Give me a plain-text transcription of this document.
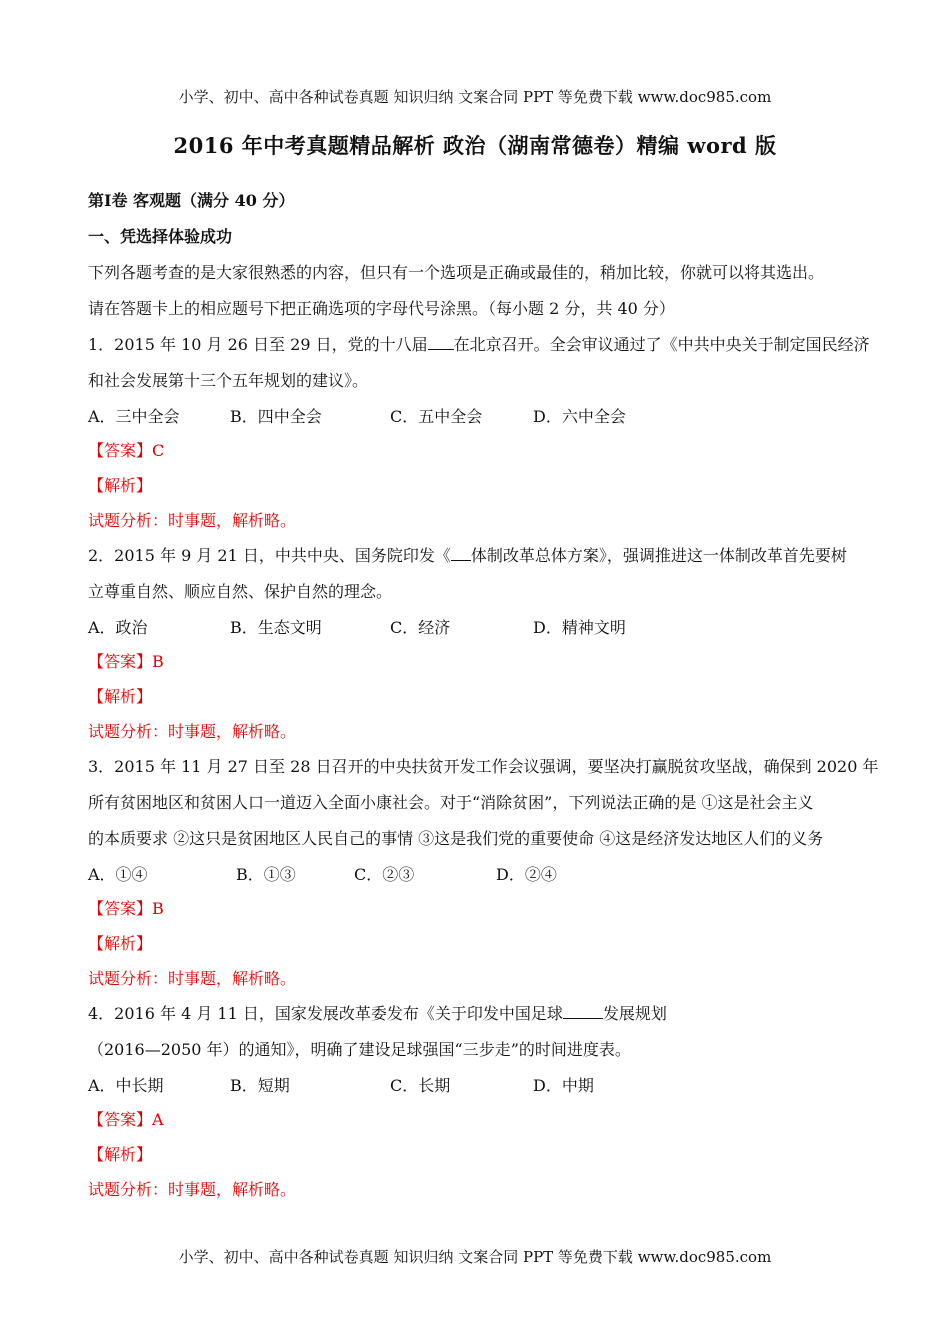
小学、初中、高中各种试卷真题 知识归纳 文案合同 PPT 等免费下载 www.doc985.com
2016 年中考真题精品解析 政治（湖南常德卷）精编 word 版
第Ⅰ卷 客观题（满分 40 分）
一、凭选择体验成功
下列各题考查的是大家很熟悉的内容，但只有一个选项是正确或最佳的，稍加比较，你就可以将其选出。
请在答题卡上的相应题号下把正确选项的字母代号涂黑。（每小题 2 分，共 40 分）
1．2015 年 10 月 26 日至 29 日，党的十八届 在北京召开。全会审议通过了《中共中央关于制定国民经济
和社会发展第十三个五年规划的建议》。
A．三中全会	B．四中全会	C．五中全会	D．六中全会
【答案】C
【解析】
试题分析：时事题，解析略。
2．2015 年 9 月 21 日，中共中央、国务院印发《 体制改革总体方案》，强调推进这一体制改革首先要树
立尊重自然、顺应自然、保护自然的理念。
A．政治	B．生态文明	C．经济	D．精神文明
【答案】B
【解析】
试题分析：时事题，解析略。
3．2015 年 11 月 27 日至 28 日召开的中央扶贫开发工作会议强调，要坚决打赢脱贫攻坚战，确保到 2020 年
所有贫困地区和贫困人口一道迈入全面小康社会。对于“消除贫困”，下列说法正确的是 ①这是社会主义
的本质要求 ②这只是贫困地区人民自己的事情 ③这是我们党的重要使命 ④这是经济发达地区人们的义务
A．①④	B．①③	C．②③	D．②④
【答案】B
【解析】
试题分析：时事题，解析略。
4．2016 年 4 月 11 日，国家发展改革委发布《关于印发中国足球	发展规划
（2016—2050 年）的通知》，明确了建设足球强国“三步走”的时间进度表。
A．中长期	B．短期	C．长期	D．中期
【答案】A
【解析】
试题分析：时事题，解析略。
小学、初中、高中各种试卷真题 知识归纳 文案合同 PPT 等免费下载 www.doc985.com
